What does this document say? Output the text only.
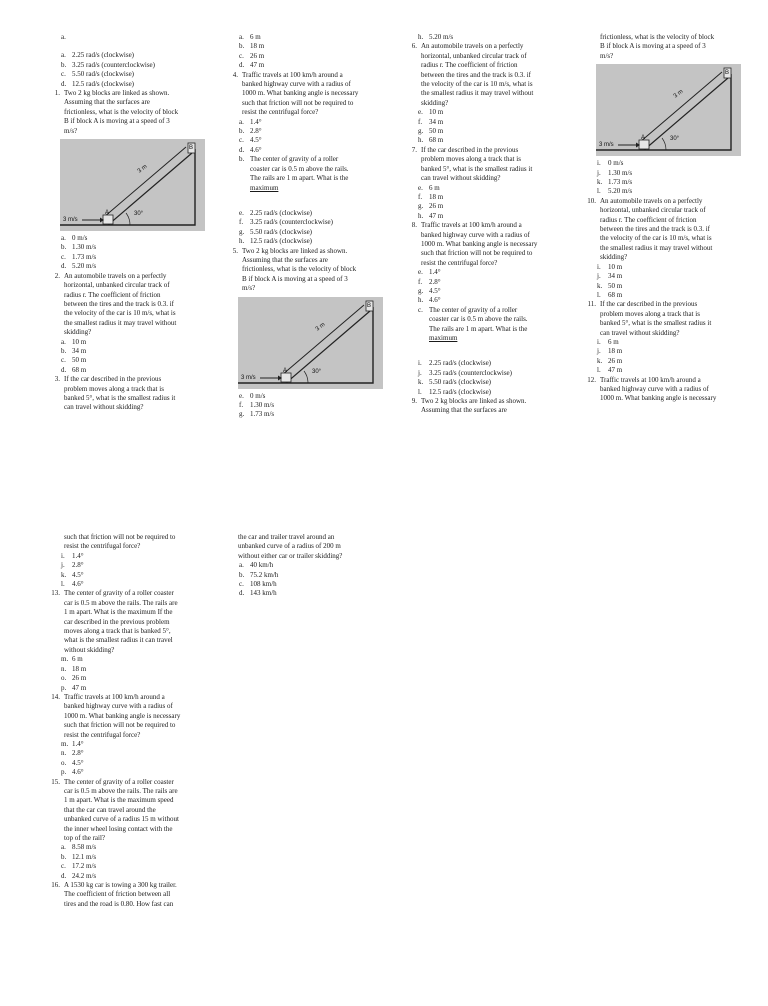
a.
a. 2.25 rad/s (clockwise)
b. 3.25 rad/s (counterclockwise)
c. 5.50 rad/s (clockwise)
d. 12.5 rad/s (clockwise)
1. Two 2 kg blocks are linked as shown.
Assuming that the surfaces are
frictionless, what is the velocity of block
B if block A is moving at a speed of 3
m/s?
3 m
3 m/s
30°
A
B
a. 0 m/s
b. 1.30 m/s
c. 1.73 m/s
d. 5.20 m/s
2. An automobile travels on a perfectly
horizontal, unbanked circular track of
radius r. The coefficient of friction
between the tires and the track is 0.3. if
the velocity of the car is 10 m/s, what is
the smallest radius it may travel without
skidding?
a. 10 m
b. 34 m
c. 50 m
d. 68 m
3. If the car described in the previous
problem moves along a track that is
banked 5°, what is the smallest radius it
can travel without skidding?
a. 6 m
b. 18 m
c. 26 m
d. 47 m
4. Traffic travels at 100 km/h around a
banked highway curve with a radius of
1000 m. What banking angle is necessary
such that friction will not be required to
resist the centrifugal force?
a. 1.4°
b. 2.8°
c. 4.5°
d. 4.6°
b. The center of gravity of a roller
coaster car is 0.5 m above the rails.
The rails are 1 m apart. What is the
maximum
e. 2.25 rad/s (clockwise)
f. 3.25 rad/s (counterclockwise)
g. 5.50 rad/s (clockwise)
h. 12.5 rad/s (clockwise)
5. Two 2 kg blocks are linked as shown.
Assuming that the surfaces are
frictionless, what is the velocity of block
B if block A is moving at a speed of 3
m/s?
3 m
3 m/s
30°
A
B
e. 0 m/s
f. 1.30 m/s
g. 1.73 m/s
h. 5.20 m/s
6. An automobile travels on a perfectly
horizontal, unbanked circular track of
radius r. The coefficient of friction
between the tires and the track is 0.3. if
the velocity of the car is 10 m/s, what is
the smallest radius it may travel without
skidding?
e. 10 m
f. 34 m
g. 50 m
h. 68 m
7. If the car described in the previous
problem moves along a track that is
banked 5°, what is the smallest radius it
can travel without skidding?
e. 6 m
f. 18 m
g. 26 m
h. 47 m
8. Traffic travels at 100 km/h around a
banked highway curve with a radius of
1000 m. What banking angle is necessary
such that friction will not be required to
resist the centrifugal force?
e. 1.4°
f. 2.8°
g. 4.5°
h. 4.6°
c. The center of gravity of a roller
coaster car is 0.5 m above the rails.
The rails are 1 m apart. What is the
maximum
i.	2.25 rad/s (clockwise)
j.	3.25 rad/s (counterclockwise)
k. 5.50 rad/s (clockwise)
l.	12.5 rad/s (clockwise)
9. Two 2 kg blocks are linked as shown.
Assuming that the surfaces are
frictionless, what is the velocity of block
B if block A is moving at a speed of 3
m/s?
3 m
3 m/s
30°
A
B
i.	0 m/s
j.	1.30 m/s
k. 1.73 m/s
l.	5.20 m/s
10. An automobile travels on a perfectly
horizontal, unbanked circular track of
radius r. The coefficient of friction
between the tires and the track is 0.3. if
the velocity of the car is 10 m/s, what is
the smallest radius it may travel without
skidding?
i.	10 m
j.	34 m
k. 50 m
l.	68 m
11. If the car described in the previous
problem moves along a track that is
banked 5°, what is the smallest radius it
can travel without skidding?
i.	6 m
j.	18 m
k. 26 m
l.	47 m
12. Traffic travels at 100 km/h around a
banked highway curve with a radius of
1000 m. What banking angle is necessary
such that friction will not be required to
resist the centrifugal force?
i.	1.4°
j.	2.8°
k. 4.5°
l.	4.6°
13. The center of gravity of a roller coaster
car is 0.5 m above the rails. The rails are
1 m apart. What is the maximum If the
car described in the previous problem
moves along a track that is banked 5°,
what is the smallest radius it can travel
without skidding?
m. 6 m
n. 18 m
o. 26 m
p. 47 m
14. Traffic travels at 100 km/h around a
banked highway curve with a radius of
1000 m. What banking angle is necessary
such that friction will not be required to
resist the centrifugal force?
m. 1.4°
n. 2.8°
o. 4.5°
p. 4.6°
15. The center of gravity of a roller coaster
car is 0.5 m above the rails. The rails are
1 m apart. What is the maximum speed
that the car can travel around the
unbanked curve of a radius 15 m without
the inner wheel losing contact with the
top of the rail?
a. 8.58 m/s
b. 12.1 m/s
c. 17.2 m/s
d. 24.2 m/s
16. A 1530 kg car is towing a 300 kg trailer.
The coefficient of friction between all
tires and the road is 0.80. How fast can
the car and trailer travel around an
unbanked curve of a radius of 200 m
without either car or trailer skidding?
a. 40 km/h
b. 75.2 km/h
c. 108 km/h
d. 143 km/h
